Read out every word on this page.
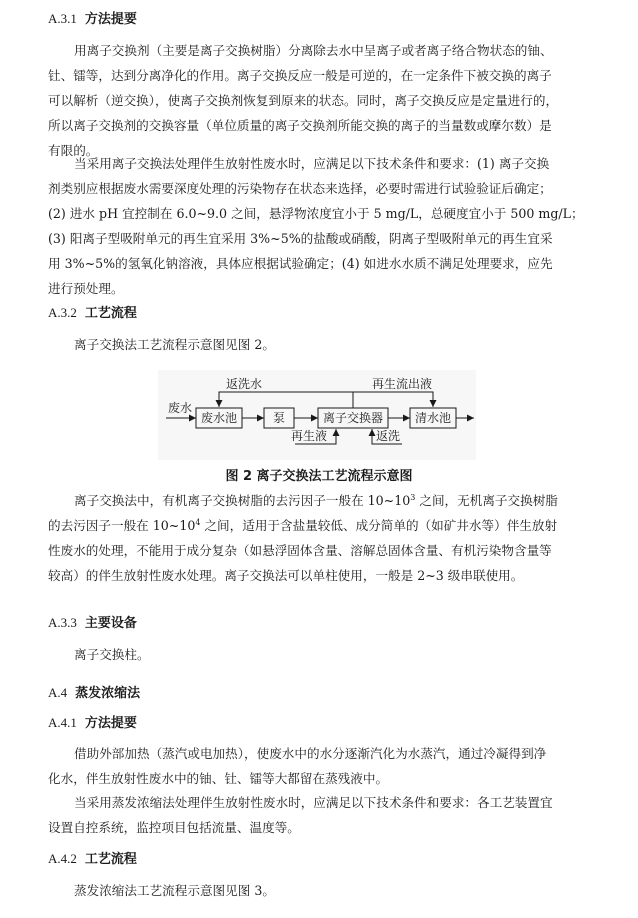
A.3.1 方法提要
用离子交换剂（主要是离子交换树脂）分离除去水中呈离子或者离子络合物状态的铀、
钍、镭等，达到分离净化的作用。离子交换反应一般是可逆的，在一定条件下被交换的离子
可以解析（逆交换），使离子交换剂恢复到原来的状态。同时，离子交换反应是定量进行的，
所以离子交换剂的交换容量（单位质量的离子交换剂所能交换的离子的当量数或摩尔数）是
有限的。
当采用离子交换法处理伴生放射性废水时，应满足以下技术条件和要求：(1) 离子交换
剂类别应根据废水需要深度处理的污染物存在状态来选择，必要时需进行试验验证后确定；
(2) 进水 pH 宜控制在 6.0~9.0 之间，悬浮物浓度宜小于 5 mg/L，总硬度宜小于 500 mg/L；
(3) 阳离子型吸附单元的再生宜采用 3%~5%的盐酸或硝酸，阴离子型吸附单元的再生宜采
用 3%~5%的氢氧化钠溶液，具体应根据试验确定；(4) 如进水水质不满足处理要求，应先
进行预处理。
A.3.2 工艺流程
离子交换法工艺流程示意图见图 2。
废水
废水池	泵	离子交换器	清水池
返洗水	再生流出液
再生液	返洗
图 2 离子交换法工艺流程示意图
离子交换法中，有机离子交换树脂的去污因子一般在 $10\sim 10^3$ 之间，无机离子交换树脂
的去污因子一般在 $10\sim 10^4$ 之间，适用于含盐量较低、成分简单的（如矿井水等）伴生放射
性废水的处理，不能用于成分复杂（如悬浮固体含量、溶解总固体含量、有机污染物含量等
较高）的伴生放射性废水处理。离子交换法可以单柱使用，一般是 2~3 级串联使用。
A.3.3 主要设备
离子交换柱。
A.4 蒸发浓缩法
A.4.1 方法提要
借助外部加热（蒸汽或电加热），使废水中的水分逐渐汽化为水蒸汽，通过冷凝得到净
化水，伴生放射性废水中的铀、钍、镭等大都留在蒸残液中。
当采用蒸发浓缩法处理伴生放射性废水时，应满足以下技术条件和要求：各工艺装置宜
设置自控系统，监控项目包括流量、温度等。
A.4.2 工艺流程
蒸发浓缩法工艺流程示意图见图 3。
